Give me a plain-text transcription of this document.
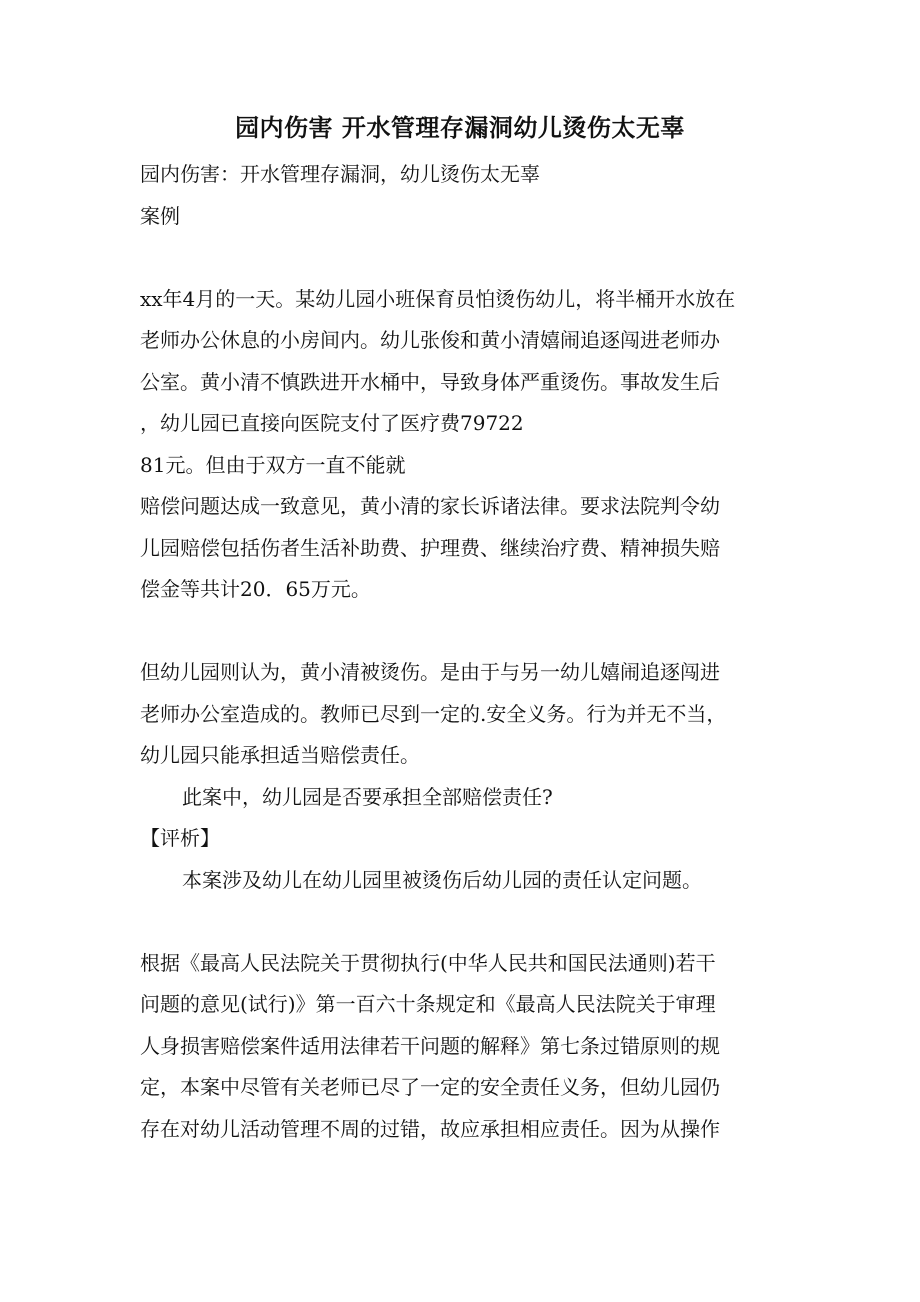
园内伤害 开水管理存漏洞幼儿烫伤太无辜
园内伤害：开水管理存漏洞，幼儿烫伤太无辜
案例
xx年4月的一天。某幼儿园小班保育员怕烫伤幼儿，将半桶开水放在
老师办公休息的小房间内。幼儿张俊和黄小清嬉闹追逐闯进老师办
公室。黄小清不慎跌进开水桶中，导致身体严重烫伤。事故发生后
，幼儿园已直接向医院支付了医疗费79722
81元。但由于双方一直不能就
赔偿问题达成一致意见，黄小清的家长诉诸法律。要求法院判令幼
儿园赔偿包括伤者生活补助费、护理费、继续治疗费、精神损失赔
偿金等共计20．65万元。
但幼儿园则认为，黄小清被烫伤。是由于与另一幼儿嬉闹追逐闯进
老师办公室造成的。教师已尽到一定的.安全义务。行为并无不当，
幼儿园只能承担适当赔偿责任。
此案中，幼儿园是否要承担全部赔偿责任?
【评析】
本案涉及幼儿在幼儿园里被烫伤后幼儿园的责任认定问题。
根据《最高人民法院关于贯彻执行(中华人民共和国民法通则)若干
问题的意见(试行)》第一百六十条规定和《最高人民法院关于审理
人身损害赔偿案件适用法律若干问题的解释》第七条过错原则的规
定，本案中尽管有关老师已尽了一定的安全责任义务，但幼儿园仍
存在对幼儿活动管理不周的过错，故应承担相应责任。因为从操作
